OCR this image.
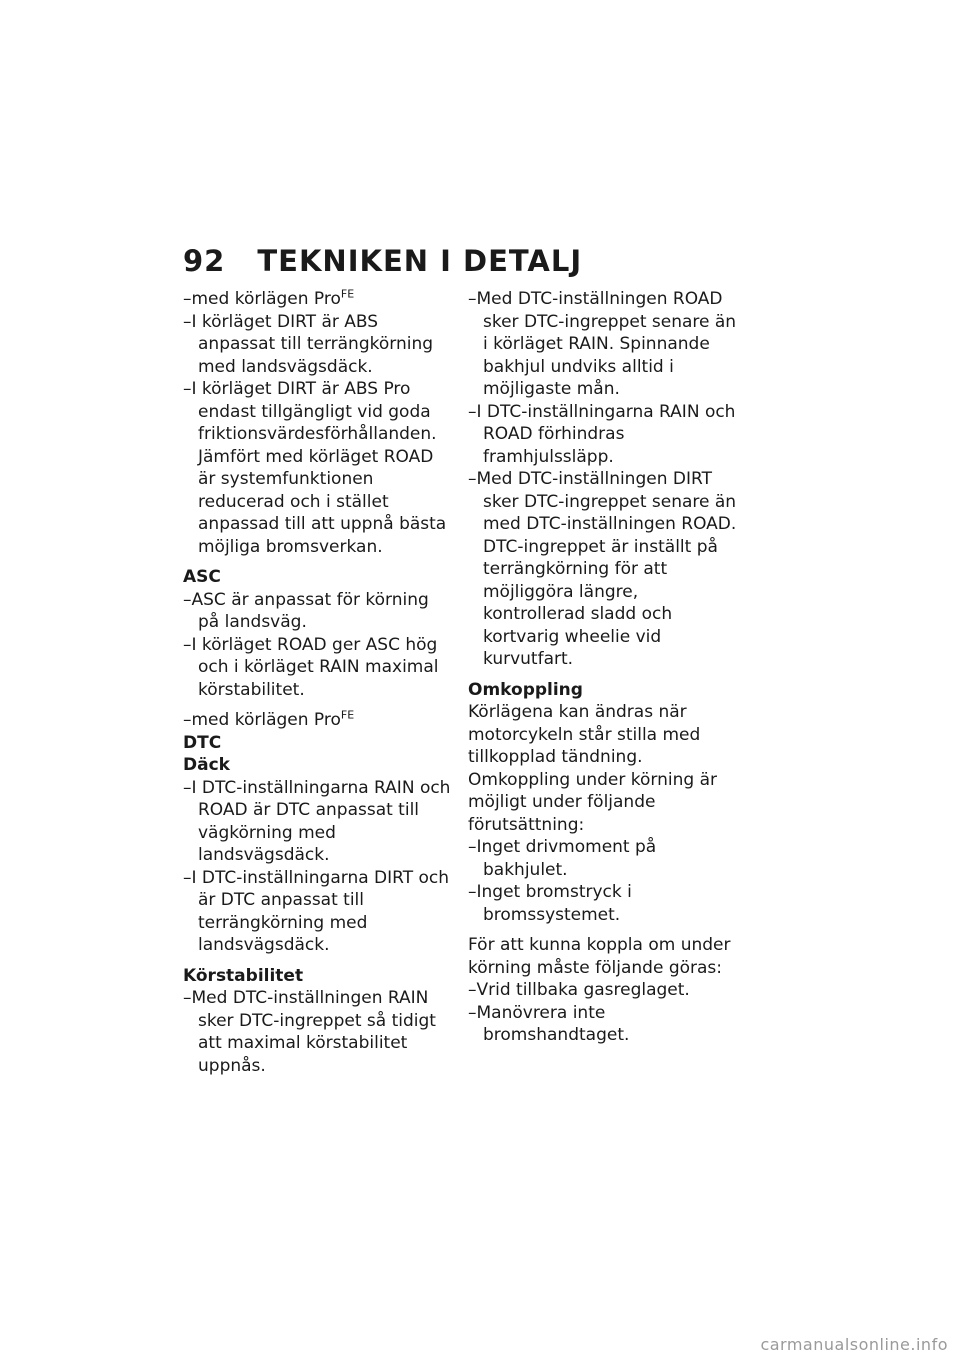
92 TEKNIKEN I DETALJ

–med körlägen Pro$^{FE}$

–I körläget DIRT är ABS anpassat till terrängkörning med landsvägsdäck.

–I körläget DIRT är ABS Pro endast tillgängligt vid goda friktionsvärdesförhållanden. Jämfört med körläget ROAD är systemfunktionen reducerad och i stället anpassad till att uppnå bästa möjliga bromsverkan.

ASC

–ASC är anpassat för körning på landsväg.

–I körläget ROAD ger ASC hög och i körläget RAIN maximal körstabilitet.

–med körlägen Pro$^{FE}$

DTC
Däck

–I DTC-inställningarna RAIN och ROAD är DTC anpassat till vägkörning med landsvägsdäck.

–I DTC-inställningarna DIRT och är DTC anpassat till terrängkörning med landsvägsdäck.

Körstabilitet

–Med DTC-inställningen RAIN sker DTC-ingreppet så tidigt att maximal körstabilitet uppnås.

–Med DTC-inställningen ROAD sker DTC-ingreppet senare än i körläget RAIN. Spinnande bakhjul undviks alltid i möjligaste mån.

–I DTC-inställningarna RAIN och ROAD förhindras framhjulssläpp.

–Med DTC-inställningen DIRT sker DTC-ingreppet senare än med DTC-inställningen ROAD. DTC-ingreppet är inställt på terrängkörning för att möjliggöra längre, kontrollerad sladd och kortvarig wheelie vid kurvutfart.

Omkoppling

Körlägena kan ändras när motorcykeln står stilla med tillkopplad tändning. Omkoppling under körning är möjligt under följande förutsättning:

–Inget drivmoment på bakhjulet.

–Inget bromstryck i bromssystemet.

För att kunna koppla om under körning måste följande göras:

–Vrid tillbaka gasreglaget.

–Manövrera inte bromshandtaget.

carmanualsonline.info
